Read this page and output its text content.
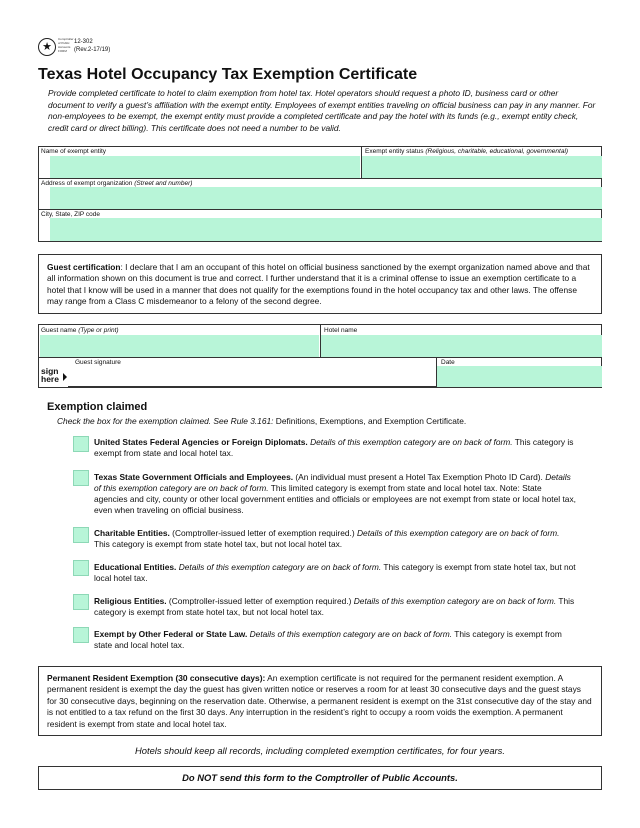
★
Comptroller of Public Accounts FORM
12-302
(Rev.2-17/19)
Texas Hotel Occupancy Tax Exemption Certificate
Provide completed certificate to hotel to claim exemption from hotel tax. Hotel operators should request a photo ID, business card or other document to verify a guest’s affiliation with the exempt entity. Employees of exempt entities traveling on official business can pay in any manner. For non-employees to be exempt, the exempt entity must provide a completed certificate and pay the hotel with its funds (e.g., exempt entity check, credit card or direct billing). This certificate does not need a number to be valid.
Name of exempt entity	Exempt entity status (Religious, charitable, educational, governmental)
Address of exempt organization (Street and number)
City, State, ZIP code
Guest certification: I declare that I am an occupant of this hotel on official business sanctioned by the exempt organization named above and that all information shown on this document is true and correct. I further understand that it is a criminal offense to issue an exemption certificate to a hotel that I know will be used in a manner that does not qualify for the exemptions found in the hotel occupancy tax and other laws. The offense may range from a Class C misdemeanor to a felony of the second degree.
Guest name (Type or print)	Hotel name
Guest signature
sign
here
Date
Exemption claimed
Check the box for the exemption claimed. See Rule 3.161: Definitions, Exemptions, and Exemption Certificate.
United States Federal Agencies or Foreign Diplomats. Details of this exemption category are on back of form. This category is exempt from state and local hotel tax.
Texas State Government Officials and Employees. (An individual must present a Hotel Tax Exemption Photo ID Card). Details of this exemption category are on back of form. This limited category is exempt from state and local hotel tax. Note: State agencies and city, county or other local government entities and officials or employees are not exempt from state or local hotel tax, even when traveling on official business.
Charitable Entities. (Comptroller-issued letter of exemption required.) Details of this exemption category are on back of form. This category is exempt from state hotel tax, but not local hotel tax.
Educational Entities. Details of this exemption category are on back of form. This category is exempt from state hotel tax, but not local hotel tax.
Religious Entities. (Comptroller-issued letter of exemption required.) Details of this exemption category are on back of form. This category is exempt from state hotel tax, but not local hotel tax.
Exempt by Other Federal or State Law. Details of this exemption category are on back of form. This category is exempt from state and local hotel tax.
Permanent Resident Exemption (30 consecutive days): An exemption certificate is not required for the permanent resident exemption. A permanent resident is exempt the day the guest has given written notice or reserves a room for at least 30 consecutive days and the guest stays for 30 consecutive days, beginning on the reservation date. Otherwise, a permanent resident is exempt on the 31st consecutive day of the stay and is not entitled to a tax refund on the first 30 days. Any interruption in the resident’s right to occupy a room voids the exemption. A permanent resident is exempt from state and local hotel tax.
Hotels should keep all records, including completed exemption certificates, for four years.
Do NOT send this form to the Comptroller of Public Accounts.
